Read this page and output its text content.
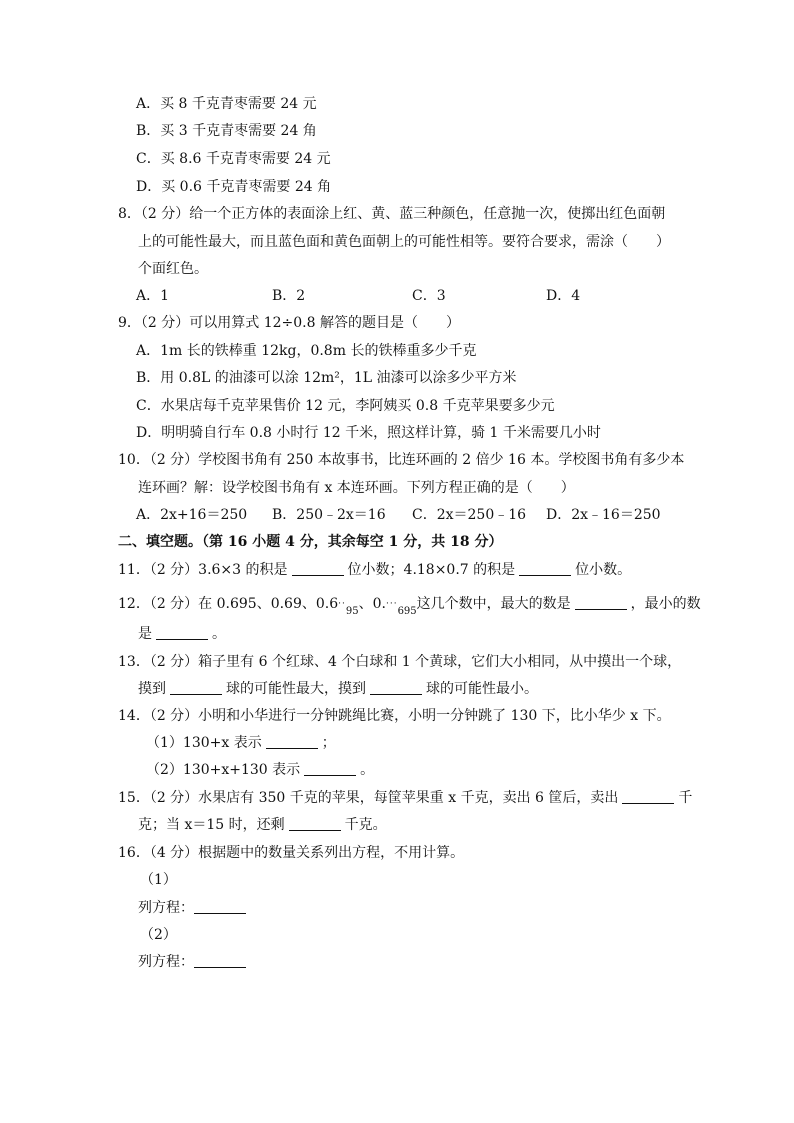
A．买 8 千克青枣需要 24 元
B．买 3 千克青枣需要 24 角
C．买 8.6 千克青枣需要 24 元
D．买 0.6 千克青枣需要 24 角
8．（2 分）给一个正方体的表面涂上红、黄、蓝三种颜色，任意抛一次，使掷出红色面朝
上的可能性最大，而且蓝色面和黄色面朝上的可能性相等。要符合要求，需涂（　　）
个面红色。
A．1	B．2	C．3	D．4
9．（2 分）可以用算式 12÷0.8 解答的题目是（　　）
A．1m 长的铁棒重 12kg，0.8m 长的铁棒重多少千克
B．用 0.8L 的油漆可以涂 12m²，1L 油漆可以涂多少平方米
C．水果店每千克苹果售价 12 元，李阿姨买 0.8 千克苹果要多少元
D．明明骑自行车 0.8 小时行 12 千米，照这样计算，骑 1 千米需要几小时
10．（2 分）学校图书角有 250 本故事书，比连环画的 2 倍少 16 本。学校图书角有多少本
连环画？解：设学校图书角有 x 本连环画。下列方程正确的是（　　）
A．2x+16＝250 B．250﹣2x＝16 C．2x＝250﹣16 D．2x﹣16＝250
二、填空题。（第 16 小题 4 分，其余每空 1 分，共 18 分）
11．（2 分）3.6×3 的积是	位小数；4.18×0.7 的积是	位小数。
12．（2 分）在 0.695、0.69、$0.6_{\cdot\cdot 95}$、$0._{\cdot\cdot\cdot 695}$这几个数中，最大的数是	，最小的数
是	。
13．（2 分）箱子里有 6 个红球、4 个白球和 1 个黄球，它们大小相同，从中摸出一个球，
摸到	球的可能性最大，摸到	球的可能性最小。
14．（2 分）小明和小华进行一分钟跳绳比赛，小明一分钟跳了 130 下，比小华少 x 下。
（1）130+x 表示	；
（2）130+x+130 表示	。
15．（2 分）水果店有 350 千克的苹果，每筐苹果重 x 千克，卖出 6 筐后，卖出	千
克；当 x＝15 时，还剩	千克。
16．（4 分）根据题中的数量关系列出方程，不用计算。
（1）
列方程：
（2）
列方程：
